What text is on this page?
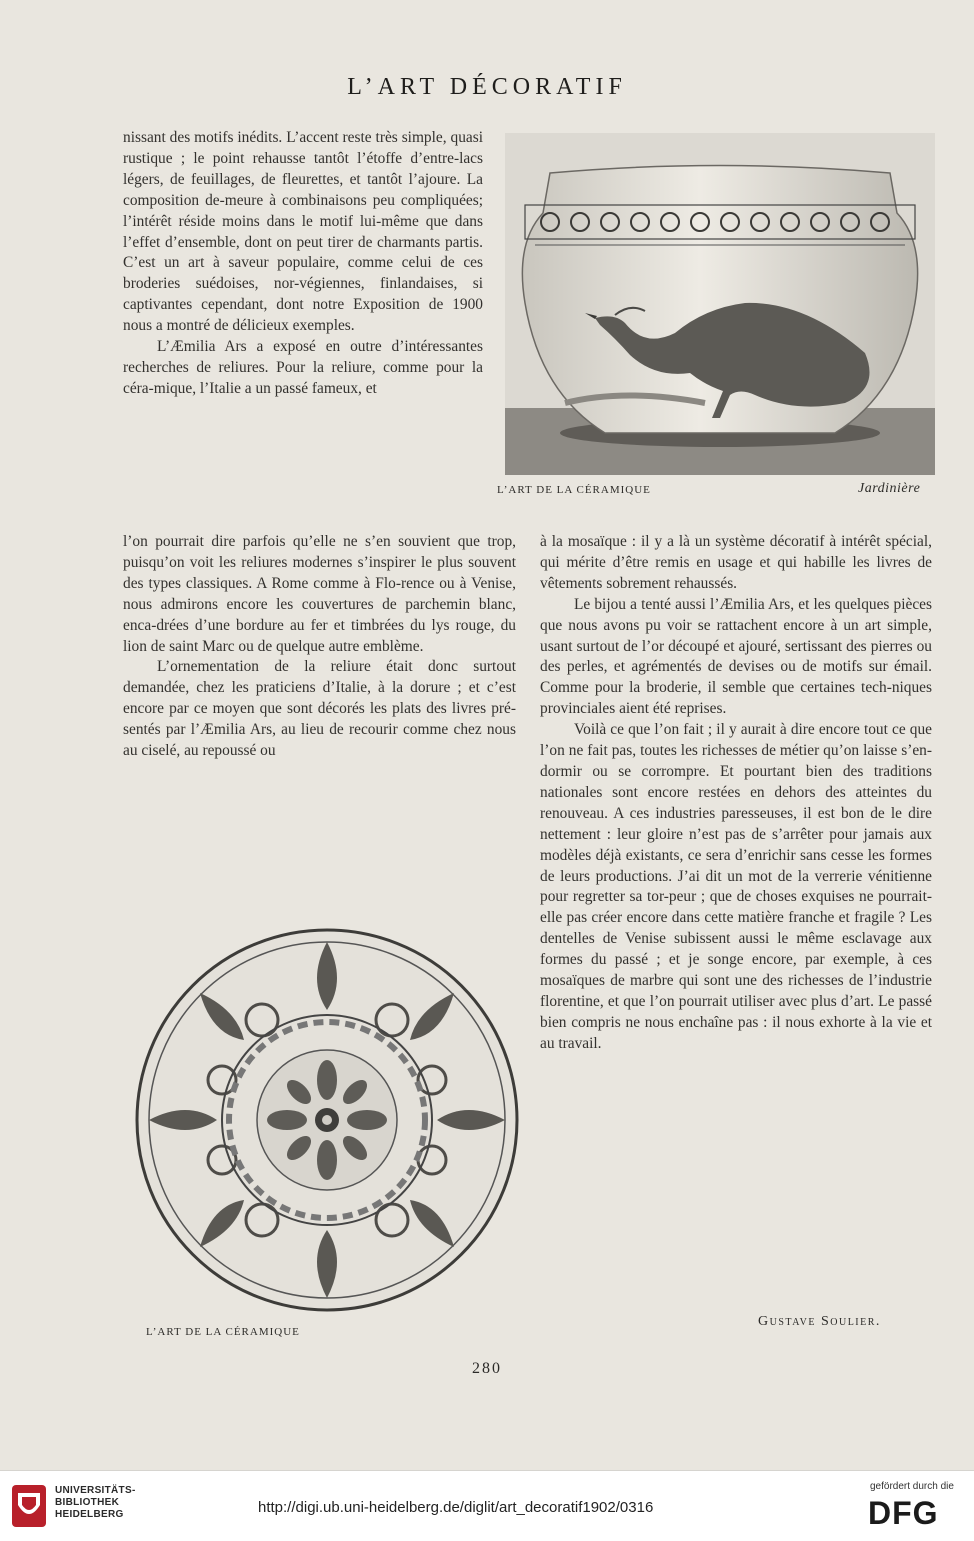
L’ART DÉCORATIF
L’ART DE LA CÉRAMIQUE	Jardinière

nissant des motifs inédits. L’accent reste très simple, quasi rustique ; le point rehausse tantôt l’étoffe d’entre-lacs légers, de feuillages, de fleurettes, et tantôt l’ajoure. La composition de-meure à combinaisons peu compliquées; l’intérêt réside moins dans le motif lui-même que dans l’effet d’ensemble, dont on peut tirer de charmants partis. C’est un art à saveur populaire, comme celui de ces broderies suédoises, nor-végiennes, finlandaises, si captivantes cependant, dont notre Exposition de 1900 nous a montré de délicieux exemples.

L’Æmilia Ars a exposé en outre d’intéressantes recherches de reliures. Pour la reliure, comme pour la céra-mique, l’Italie a un passé fameux, et

l’on pourrait dire parfois qu’elle ne s’en souvient que trop, puisqu’on voit les reliures modernes s’inspirer le plus souvent des types classiques. A Rome comme à Flo-rence ou à Venise, nous admirons encore les couvertures de parchemin blanc, enca-drées d’une bordure au fer et timbrées du lys rouge, du lion de saint Marc ou de quelque autre emblème.

L’ornementation de la reliure était donc surtout demandée, chez les praticiens d’Italie, à la dorure ; et c’est encore par ce moyen que sont décorés les plats des livres pré-sentés par l’Æmilia Ars, au lieu de recourir comme chez nous au ciselé, au repoussé ou

à la mosaïque : il y a là un système décoratif à intérêt spécial, qui mérite d’être remis en usage et qui habille les livres de vêtements sobrement rehaussés.

Le bijou a tenté aussi l’Æmilia Ars, et les quelques pièces que nous avons pu voir se rattachent encore à un art simple, usant surtout de l’or découpé et ajouré, sertissant des pierres ou des perles, et agrémentés de devises ou de motifs sur émail. Comme pour la broderie, il semble que certaines tech-niques provinciales aient été reprises.

Voilà ce que l’on fait ; il y aurait à dire encore tout ce que l’on ne fait pas, toutes les richesses de métier qu’on laisse s’en-dormir ou se corrompre. Et pourtant bien des traditions nationales sont encore restées en dehors des atteintes du renouveau. A ces industries paresseuses, il est bon de le dire nettement : leur gloire n’est pas de s’arrêter pour jamais aux modèles déjà existants, ce sera d’enrichir sans cesse les formes de leurs productions. J’ai dit un mot de la verrerie vénitienne pour regretter sa tor-peur ; que de choses exquises ne pourrait-elle pas créer encore dans cette matière franche et fragile ? Les dentelles de Venise subissent aussi le même esclavage aux formes du passé ; et je songe encore, par exemple, à ces mosaïques de marbre qui sont une des richesses de l’industrie florentine, et que l’on pourrait utiliser avec plus d’art. Le passé bien compris ne nous enchaîne pas : il nous exhorte à la vie et au travail.

L’ART DE LA CÉRAMIQUE
Gustave Soulier.
280
UNIVERSITÄTS-
BIBLIOTHEK
HEIDELBERG	http://digi.ub.uni-heidelberg.de/diglit/art_decoratif1902/0316
gefördert durch die
DFG
